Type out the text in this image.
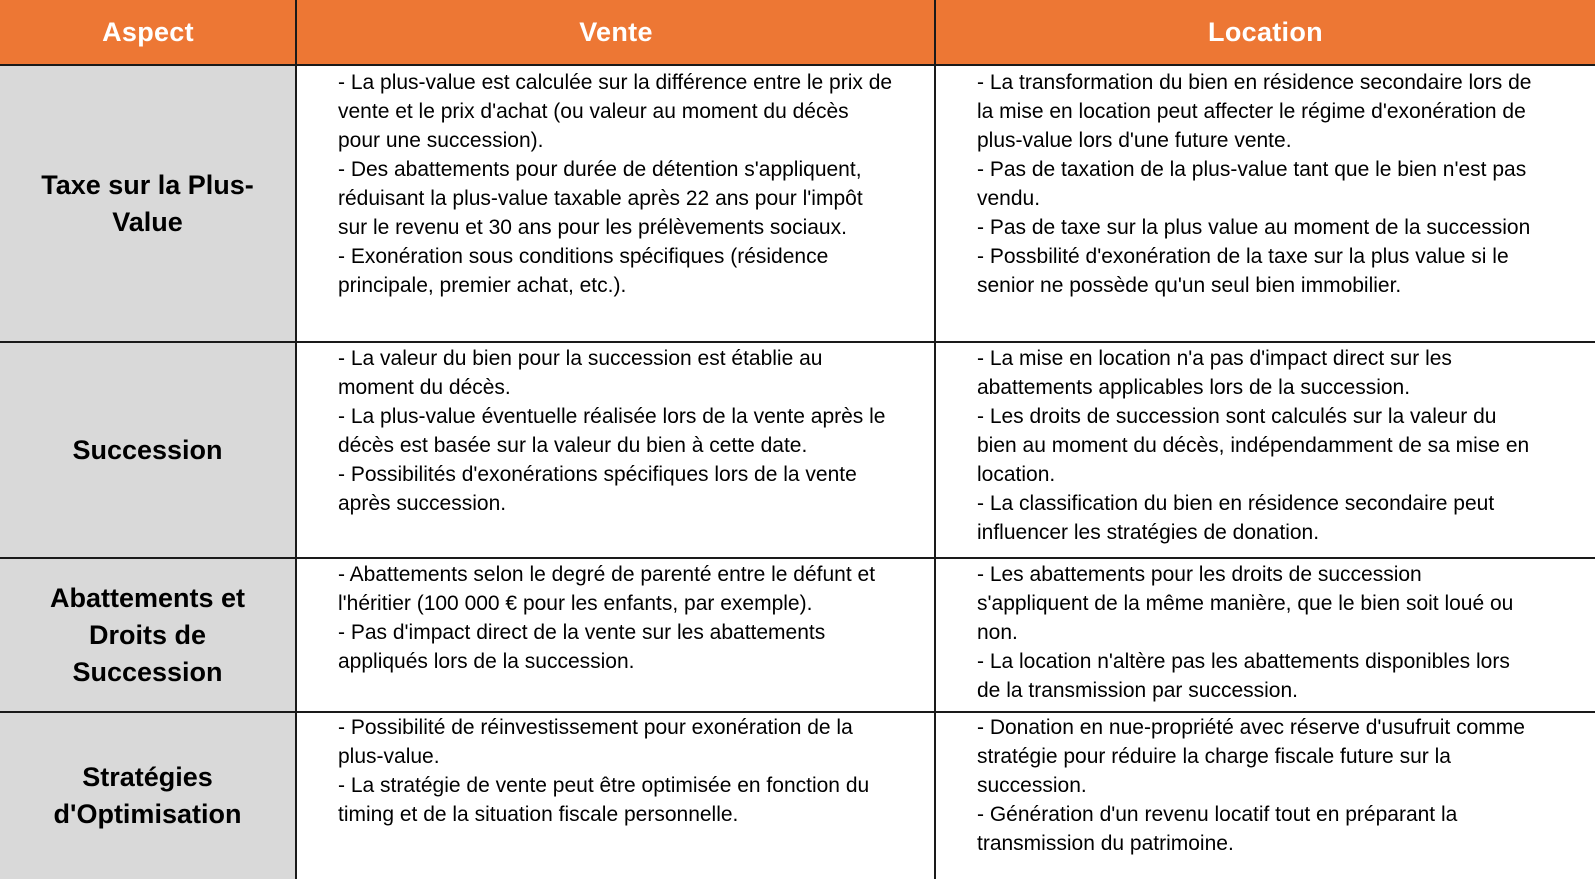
Aspect	Vente	Location
Taxe sur la Plus-
Value
- La plus-value est calculée sur la différence entre le prix de
vente et le prix d'achat (ou valeur au moment du décès
pour une succession).
- Des abattements pour durée de détention s'appliquent,
réduisant la plus-value taxable après 22 ans pour l'impôt
sur le revenu et 30 ans pour les prélèvements sociaux.
- Exonération sous conditions spécifiques (résidence
principale, premier achat, etc.).
- La transformation du bien en résidence secondaire lors de
la mise en location peut affecter le régime d'exonération de
plus-value lors d'une future vente.
- Pas de taxation de la plus-value tant que le bien n'est pas
vendu.
- Pas de taxe sur la plus value au moment de la succession
- Possbilité d'exonération de la taxe sur la plus value si le
senior ne possède qu'un seul bien immobilier.
Succession
- La valeur du bien pour la succession est établie au
moment du décès.
- La plus-value éventuelle réalisée lors de la vente après le
décès est basée sur la valeur du bien à cette date.
- Possibilités d'exonérations spécifiques lors de la vente
après succession.
- La mise en location n'a pas d'impact direct sur les
abattements applicables lors de la succession.
- Les droits de succession sont calculés sur la valeur du
bien au moment du décès, indépendamment de sa mise en
location.
- La classification du bien en résidence secondaire peut
influencer les stratégies de donation.
Abattements et
Droits de
Succession
- Abattements selon le degré de parenté entre le défunt et
l'héritier (100 000 € pour les enfants, par exemple).
- Pas d'impact direct de la vente sur les abattements
appliqués lors de la succession.
- Les abattements pour les droits de succession
s'appliquent de la même manière, que le bien soit loué ou
non.
- La location n'altère pas les abattements disponibles lors
de la transmission par succession.
Stratégies
d'Optimisation
- Possibilité de réinvestissement pour exonération de la
plus-value.
- La stratégie de vente peut être optimisée en fonction du
timing et de la situation fiscale personnelle.
- Donation en nue-propriété avec réserve d'usufruit comme
stratégie pour réduire la charge fiscale future sur la
succession.
- Génération d'un revenu locatif tout en préparant la
transmission du patrimoine.
